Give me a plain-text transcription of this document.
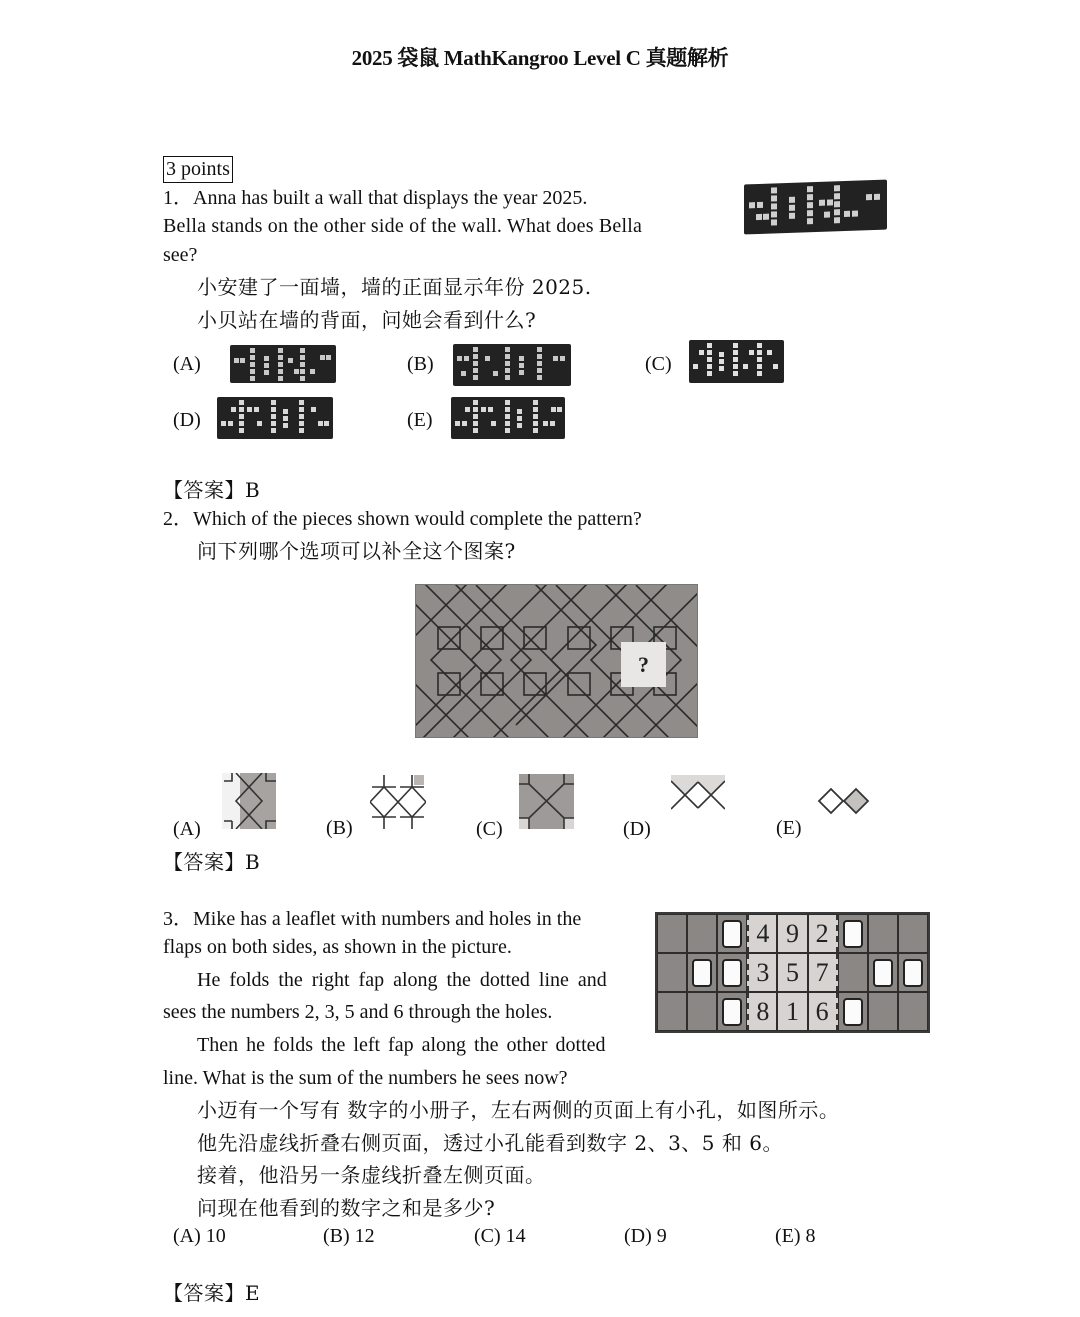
2025 袋鼠 MathKangroo Level C 真题解析
3 points
1．Anna has built a wall that displays the year 2025.
Bella stands on the other side of the wall. What does Bella
see?
小安建了一面墙，墙的正面显示年份 2025.
小贝站在墙的背面，问她会看到什么?
(A)	(B)	(C)
(D)	(E)
【答案】B
2．Which of the pieces shown would complete the pattern?
问下列哪个选项可以补全这个图案?
?
(A)	(B)	(C)	(D)	(E)
【答案】B
3．Mike has a leaflet with numbers and holes in the
flaps on both sides, as shown in the picture.
He folds the right fap along the dotted line and
sees the numbers 2, 3, 5 and 6 through the holes.
Then he folds the left fap along the other dotted
line. What is the sum of the numbers he sees now?
4 9 2
3 5 7
8 1 6
小迈有一个写有 数字的小册子，左右两侧的页面上有小孔，如图所示。
他先沿虚线折叠右侧页面，透过小孔能看到数字 2、3、5 和 6。
接着，他沿另一条虚线折叠左侧页面。
问现在他看到的数字之和是多少?
(A) 10	(B) 12	(C) 14	(D) 9	(E) 8
【答案】E
